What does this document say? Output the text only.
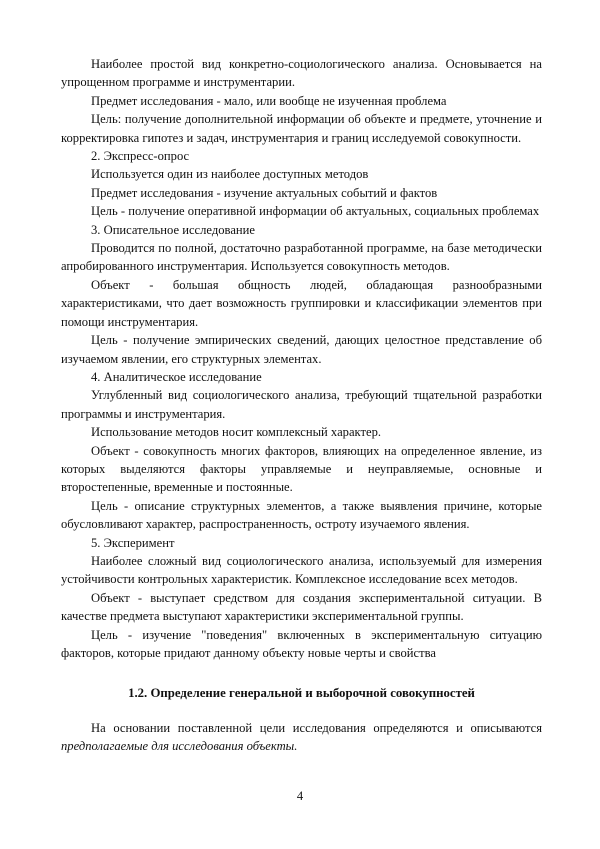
Наиболее простой вид конкретно-социологического анализа. Основывается на упрощенном программе и инструментарии.

Предмет исследования - мало, или вообще не изученная проблема

Цель: получение дополнительной информации об объекте и предмете, уточнение и корректировка гипотез и задач, инструментария и границ исследуемой совокупности.

2. Экспресс-опрос

Используется один из наиболее доступных методов

Предмет исследования - изучение актуальных событий и фактов

Цель - получение оперативной информации об актуальных, социальных проблемах

3. Описательное исследование

Проводится по полной, достаточно разработанной программе, на базе методически апробированного инструментария. Используется совокупность методов.

Объект - большая общность людей, обладающая разнообразными характеристиками, что дает возможность группировки и классификации элементов при помощи инструментария.

Цель - получение эмпирических сведений, дающих целостное представление об изучаемом явлении, его структурных элементах.

4. Аналитическое исследование

Углубленный вид социологического анализа, требующий тщательной разработки программы и инструментария.

Использование методов носит комплексный характер.

Объект - совокупность многих факторов, влияющих на определенное явление, из которых выделяются факторы управляемые и неуправляемые, основные и второстепенные, временные и постоянные.

Цель - описание структурных элементов, а также выявления причине, которые обусловливают характер, распространенность, остроту изучаемого явления.

5. Эксперимент

Наиболее сложный вид социологического анализа, используемый для измерения устойчивости контрольных характеристик. Комплексное исследование всех методов.

Объект - выступает средством для создания экспериментальной ситуации. В качестве предмета выступают характеристики экспериментальной группы.

Цель - изучение "поведения" включенных в экспериментальную ситуацию факторов, которые придают данному объекту новые черты и свойства

1.2. Определение генеральной и выборочной совокупностей

На основании поставленной цели исследования определяются и описываются предполагаемые для исследования объекты.

4
